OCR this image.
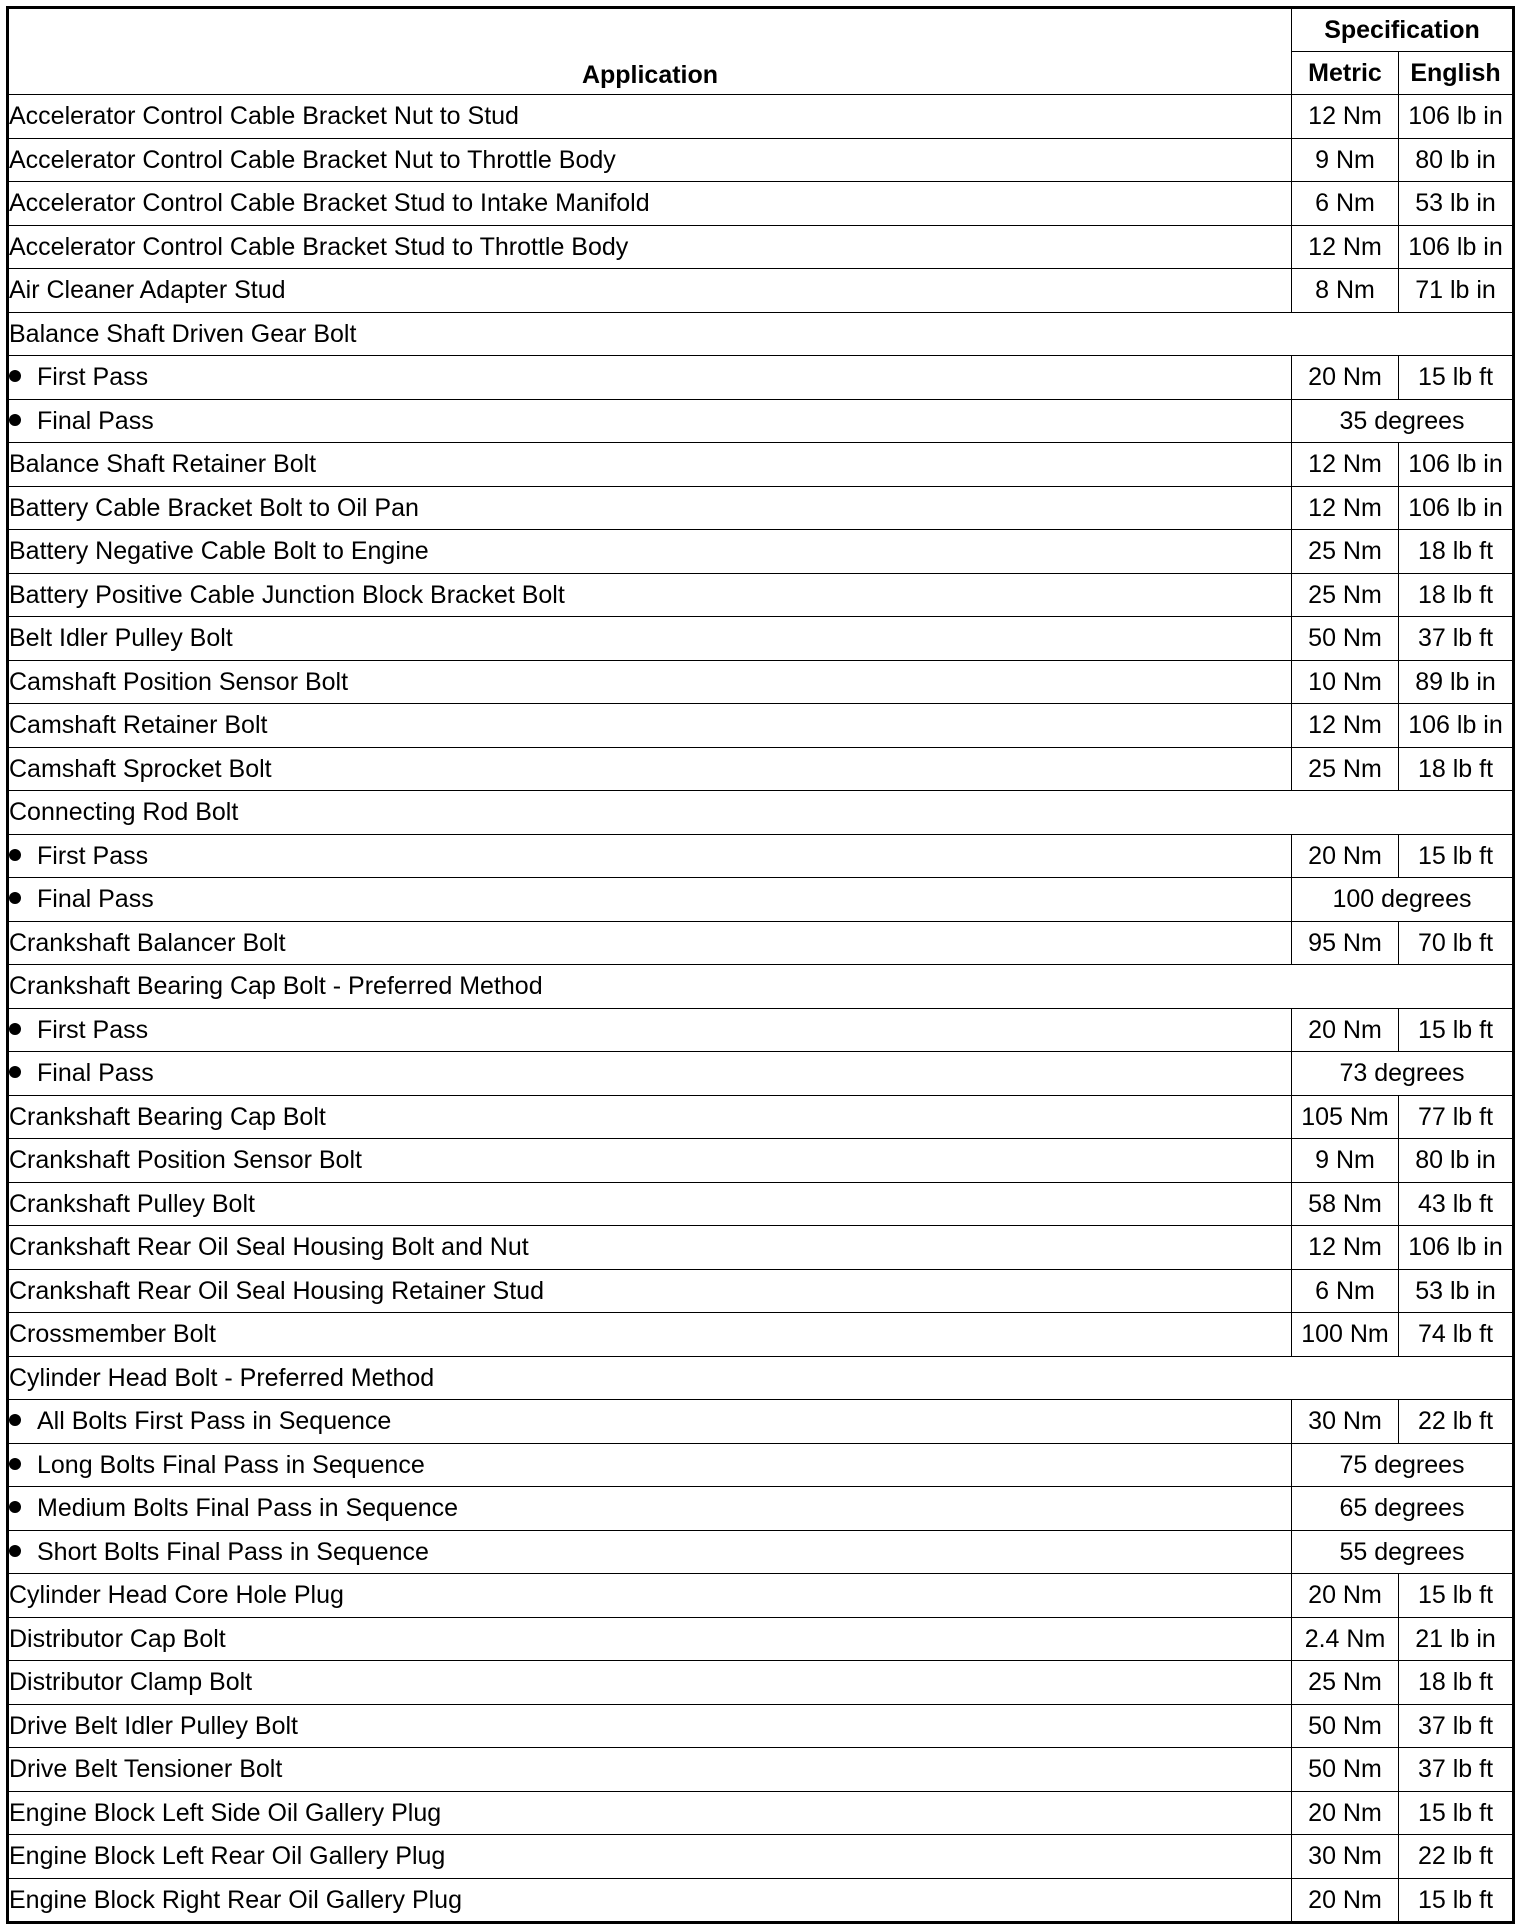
Application	Specification	
	Metric	English
Accelerator Control Cable Bracket Nut to Stud	12 Nm	106 lb in
Accelerator Control Cable Bracket Nut to Throttle Body	9 Nm	80 lb in
Accelerator Control Cable Bracket Stud to Intake Manifold	6 Nm	53 lb in
Accelerator Control Cable Bracket Stud to Throttle Body	12 Nm	106 lb in
Air Cleaner Adapter Stud	8 Nm	71 lb in
Balance Shaft Driven Gear Bolt		
First Pass	20 Nm	15 lb ft
Final Pass	35 degrees	
Balance Shaft Retainer Bolt	12 Nm	106 lb in
Battery Cable Bracket Bolt to Oil Pan	12 Nm	106 lb in
Battery Negative Cable Bolt to Engine	25 Nm	18 lb ft
Battery Positive Cable Junction Block Bracket Bolt	25 Nm	18 lb ft
Belt Idler Pulley Bolt	50 Nm	37 lb ft
Camshaft Position Sensor Bolt	10 Nm	89 lb in
Camshaft Retainer Bolt	12 Nm	106 lb in
Camshaft Sprocket Bolt	25 Nm	18 lb ft
Connecting Rod Bolt		
First Pass	20 Nm	15 lb ft
Final Pass	100 degrees	
Crankshaft Balancer Bolt	95 Nm	70 lb ft
Crankshaft Bearing Cap Bolt - Preferred Method		
First Pass	20 Nm	15 lb ft
Final Pass	73 degrees	
Crankshaft Bearing Cap Bolt	105 Nm	77 lb ft
Crankshaft Position Sensor Bolt	9 Nm	80 lb in
Crankshaft Pulley Bolt	58 Nm	43 lb ft
Crankshaft Rear Oil Seal Housing Bolt and Nut	12 Nm	106 lb in
Crankshaft Rear Oil Seal Housing Retainer Stud	6 Nm	53 lb in
Crossmember Bolt	100 Nm	74 lb ft
Cylinder Head Bolt - Preferred Method		
All Bolts First Pass in Sequence	30 Nm	22 lb ft
Long Bolts Final Pass in Sequence	75 degrees	
Medium Bolts Final Pass in Sequence	65 degrees	
Short Bolts Final Pass in Sequence	55 degrees	
Cylinder Head Core Hole Plug	20 Nm	15 lb ft
Distributor Cap Bolt	2.4 Nm	21 lb in
Distributor Clamp Bolt	25 Nm	18 lb ft
Drive Belt Idler Pulley Bolt	50 Nm	37 lb ft
Drive Belt Tensioner Bolt	50 Nm	37 lb ft
Engine Block Left Side Oil Gallery Plug	20 Nm	15 lb ft
Engine Block Left Rear Oil Gallery Plug	30 Nm	22 lb ft
Engine Block Right Rear Oil Gallery Plug	20 Nm	15 lb ft
